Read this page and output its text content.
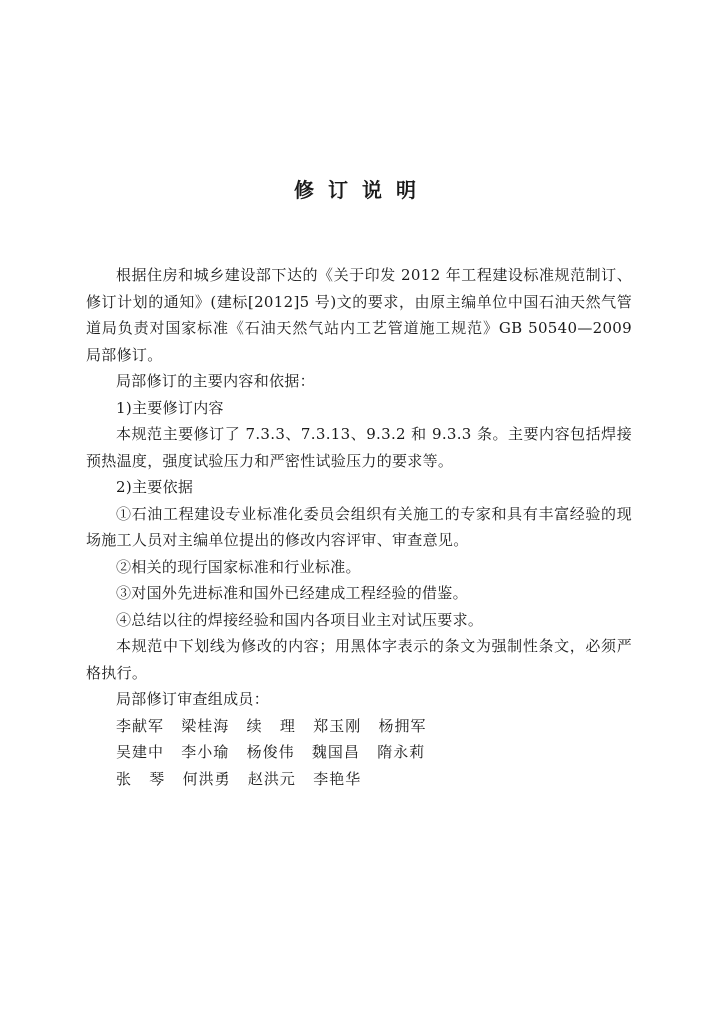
修订说明

根据住房和城乡建设部下达的《关于印发 2012 年工程建设标准规范制订、修订计划的通知》(建标[2012]5 号)文的要求，由原主编单位中国石油天然气管道局负责对国家标准《石油天然气站内工艺管道施工规范》GB 50540—2009 局部修订。

局部修订的主要内容和依据：

1)主要修订内容

本规范主要修订了 7.3.3、7.3.13、9.3.2 和 9.3.3 条。主要内容包括焊接预热温度，强度试验压力和严密性试验压力的要求等。

2)主要依据

①石油工程建设专业标准化委员会组织有关施工的专家和具有丰富经验的现场施工人员对主编单位提出的修改内容评审、审查意见。

②相关的现行国家标准和行业标准。

③对国外先进标准和国外已经建成工程经验的借鉴。

④总结以往的焊接经验和国内各项目业主对试压要求。

本规范中下划线为修改的内容；用黑体字表示的条文为强制性条文，必须严格执行。

局部修订审查组成员：

李献军   梁桂海   续   理   郑玉刚   杨拥军

吴建中   李小瑜   杨俊伟   魏国昌   隋永莉

张   琴   何洪勇   赵洪元   李艳华
